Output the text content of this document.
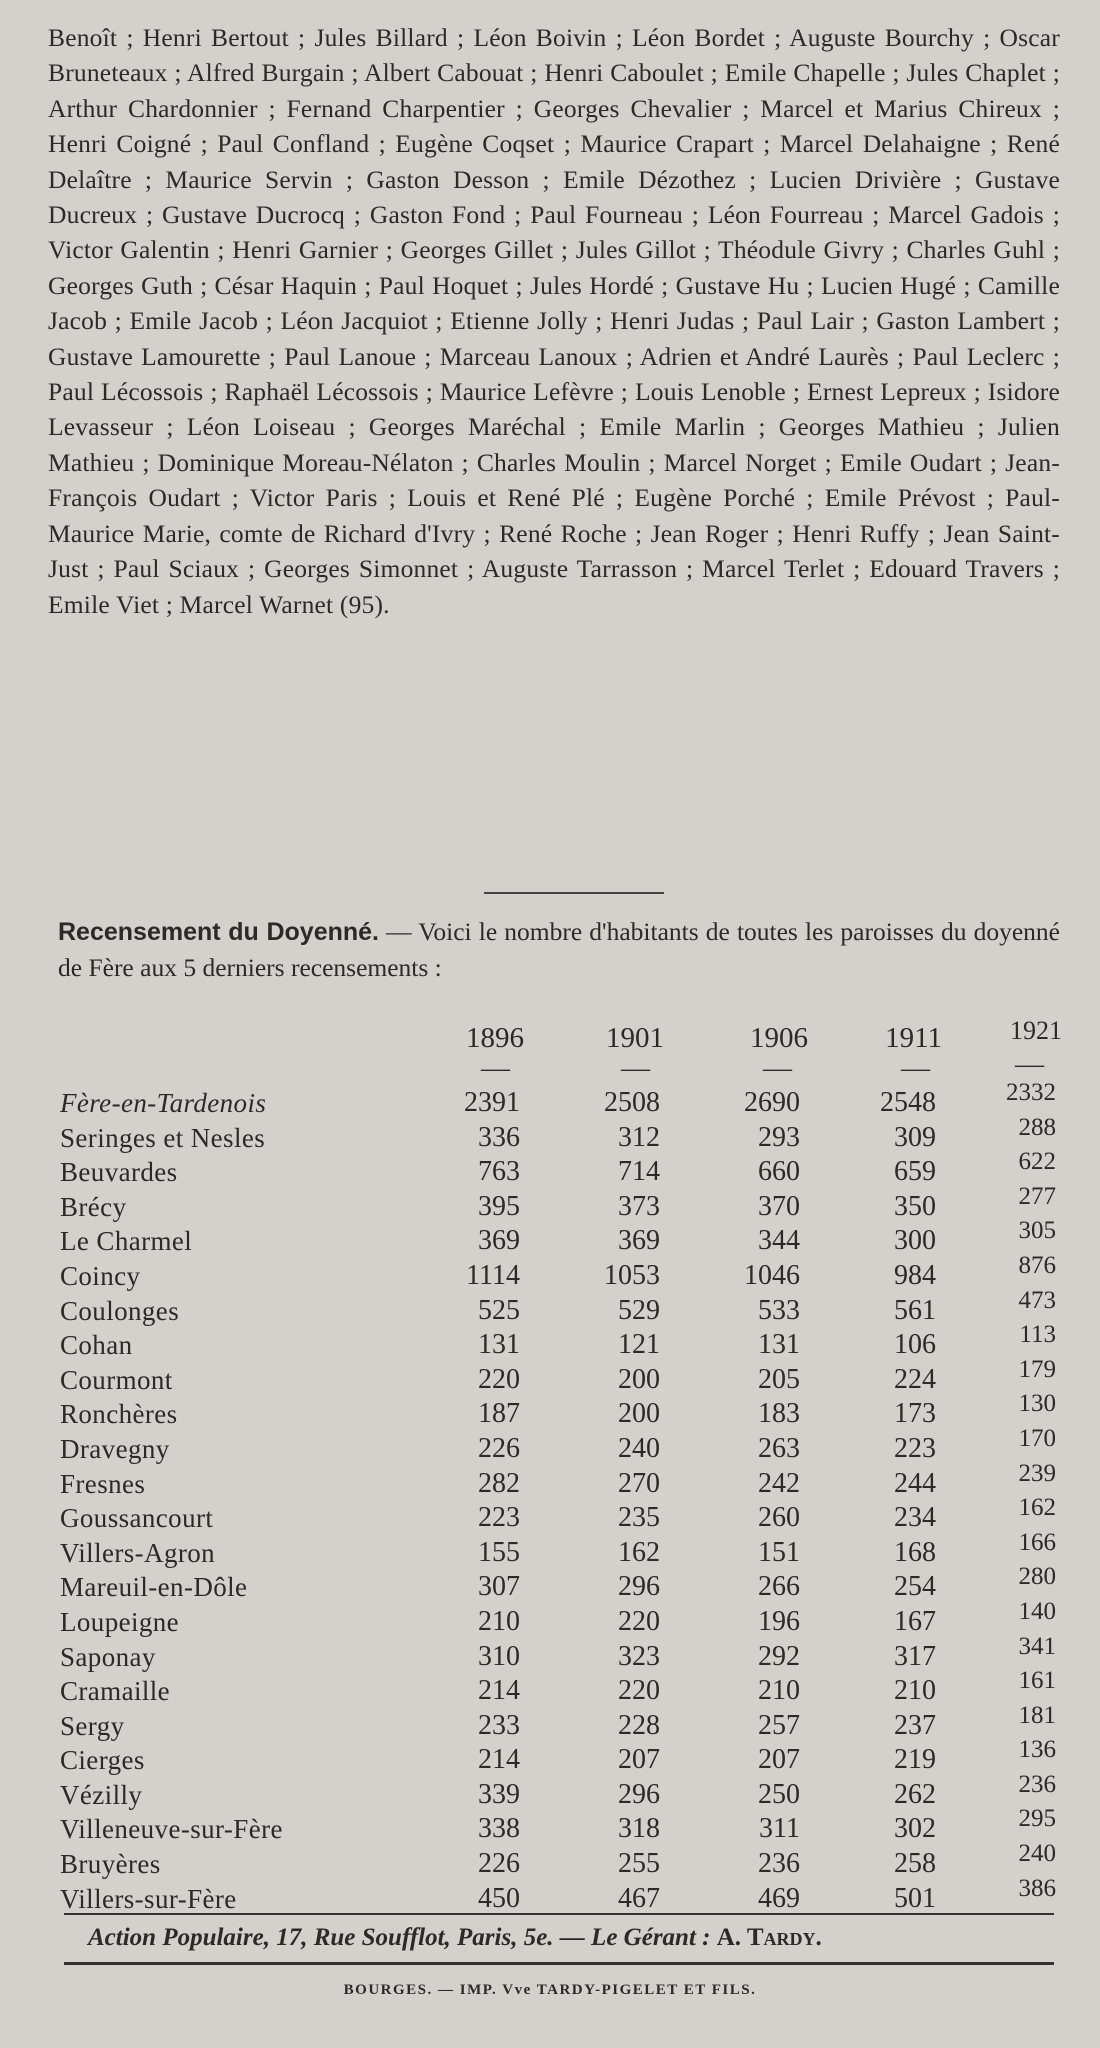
Benoît ; Henri Bertout ; Jules Billard ; Léon Boivin ; Léon Bordet ; Auguste Bourchy ; Oscar Bruneteaux ; Alfred Burgain ; Albert Cabouat ; Henri Caboulet ; Emile Chapelle ; Jules Chaplet ; Arthur Chardonnier ; Fernand Charpentier ; Georges Chevalier ; Marcel et Marius Chireux ; Henri Coigné ; Paul Confland ; Eugène Coqset ; Maurice Crapart ; Marcel Delahaigne ; René Delaître ; Maurice Servin ; Gaston Desson ; Emile Dézothez ; Lucien Drivière ; Gustave Ducreux ; Gustave Ducrocq ; Gaston Fond ; Paul Fourneau ; Léon Fourreau ; Marcel Gadois ; Victor Galentin ; Henri Garnier ; Georges Gillet ; Jules Gillot ; Théodule Givry ; Charles Guhl ; Georges Guth ; César Haquin ; Paul Hoquet ; Jules Hordé ; Gustave Hu ; Lucien Hugé ; Camille Jacob ; Emile Jacob ; Léon Jacquiot ; Etienne Jolly ; Henri Judas ; Paul Lair ; Gaston Lambert ; Gustave Lamourette ; Paul Lanoue ; Marceau Lanoux ; Adrien et André Laurès ; Paul Leclerc ; Paul Lécossois ; Raphaël Lécossois ; Maurice Lefèvre ; Louis Lenoble ; Ernest Lepreux ; Isidore Levasseur ; Léon Loiseau ; Georges Maréchal ; Emile Marlin ; Georges Mathieu ; Julien Mathieu ; Dominique Moreau-Nélaton ; Charles Moulin ; Marcel Norget ; Emile Oudart ; Jean-François Oudart ; Victor Paris ; Louis et René Plé ; Eugène Porché ; Emile Prévost ; Paul-Maurice Marie, comte de Richard d'Ivry ; René Roche ; Jean Roger ; Henri Ruffy ; Jean Saint-Just ; Paul Sciaux ; Georges Simonnet ; Auguste Tarrasson ; Marcel Terlet ; Edouard Travers ; Emile Viet ; Marcel Warnet (95).

Recensement du Doyenné. — Voici le nombre d'habitants de toutes les paroisses du doyenné de Fère aux 5 derniers recensements :

1896	1901	1906	1911	1921
—	—	—	—	—
Fère-en-Tardenois	2391	2508	2690	2548	2332
Seringes et Nesles	336	312	293	309	288
Beuvardes	763	714	660	659	622
Brécy	395	373	370	350	277
Le Charmel	369	369	344	300	305
Coincy	1114	1053	1046	984	876
Coulonges	525	529	533	561	473
Cohan	131	121	131	106	113
Courmont	220	200	205	224	179
Ronchères	187	200	183	173	130
Dravegny	226	240	263	223	170
Fresnes	282	270	242	244	239
Goussancourt	223	235	260	234	162
Villers-Agron	155	162	151	168	166
Mareuil-en-Dôle	307	296	266	254	280
Loupeigne	210	220	196	167	140
Saponay	310	323	292	317	341
Cramaille	214	220	210	210	161
Sergy	233	228	257	237	181
Cierges	214	207	207	219	136
Vézilly	339	296	250	262	236
Villeneuve-sur-Fère	338	318	311	302	295
Bruyères	226	255	236	258	240
Villers-sur-Fère	450	467	469	501	386
Action Populaire, 17, Rue Soufflot, Paris, 5e. — Le Gérant : A. Tardy.
BOURGES. — IMP. Vve TARDY-PIGELET ET FILS.
